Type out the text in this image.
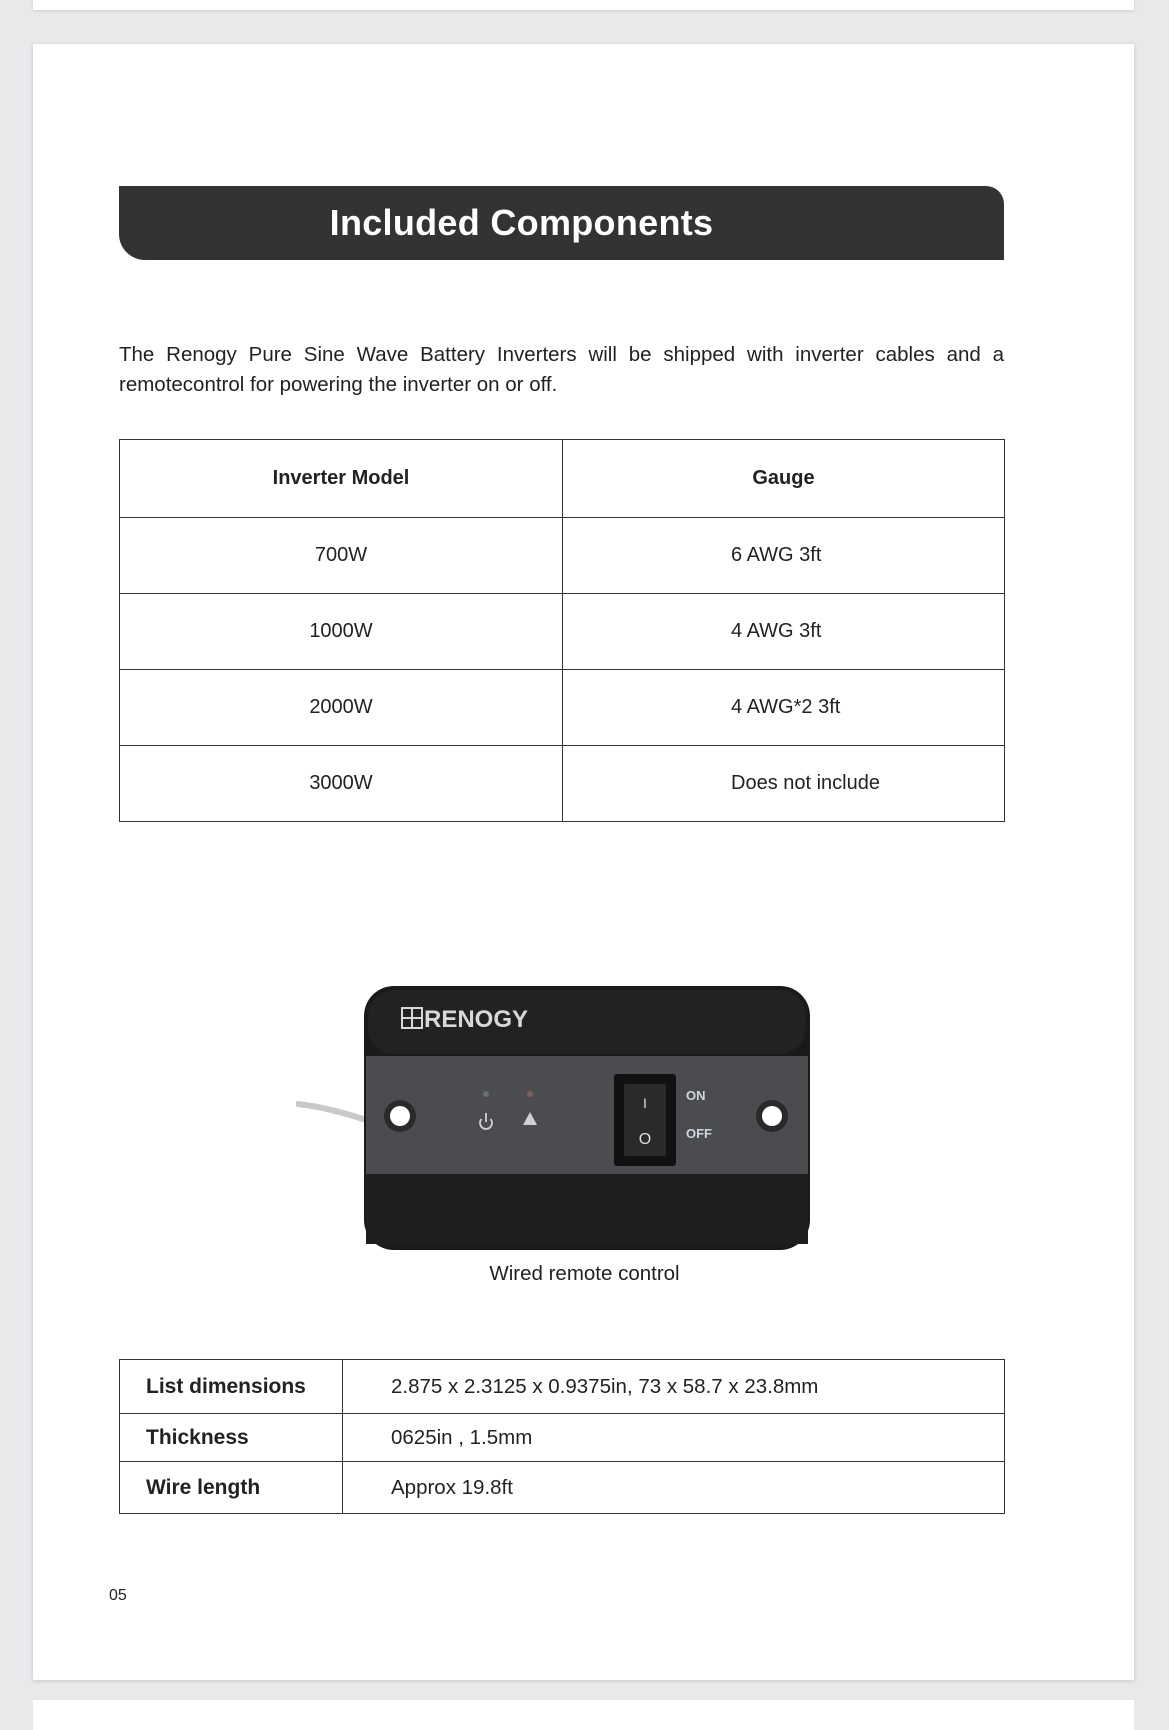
Included Components

The Renogy Pure Sine Wave Battery Inverters will be shipped with inverter cables and a remotecontrol for powering the inverter on or off.

Inverter Model	Gauge
700W	6 AWG 3ft
1000W	4 AWG 3ft
2000W	4 AWG*2 3ft
3000W	Does not include
RENOGY
I
O
ON
OFF
Wired remote control
List dimensions	2.875 x 2.3125 x 0.9375in, 73 x 58.7 x 23.8mm
Thickness	0625in , 1.5mm
Wire length	Approx 19.8ft
05
